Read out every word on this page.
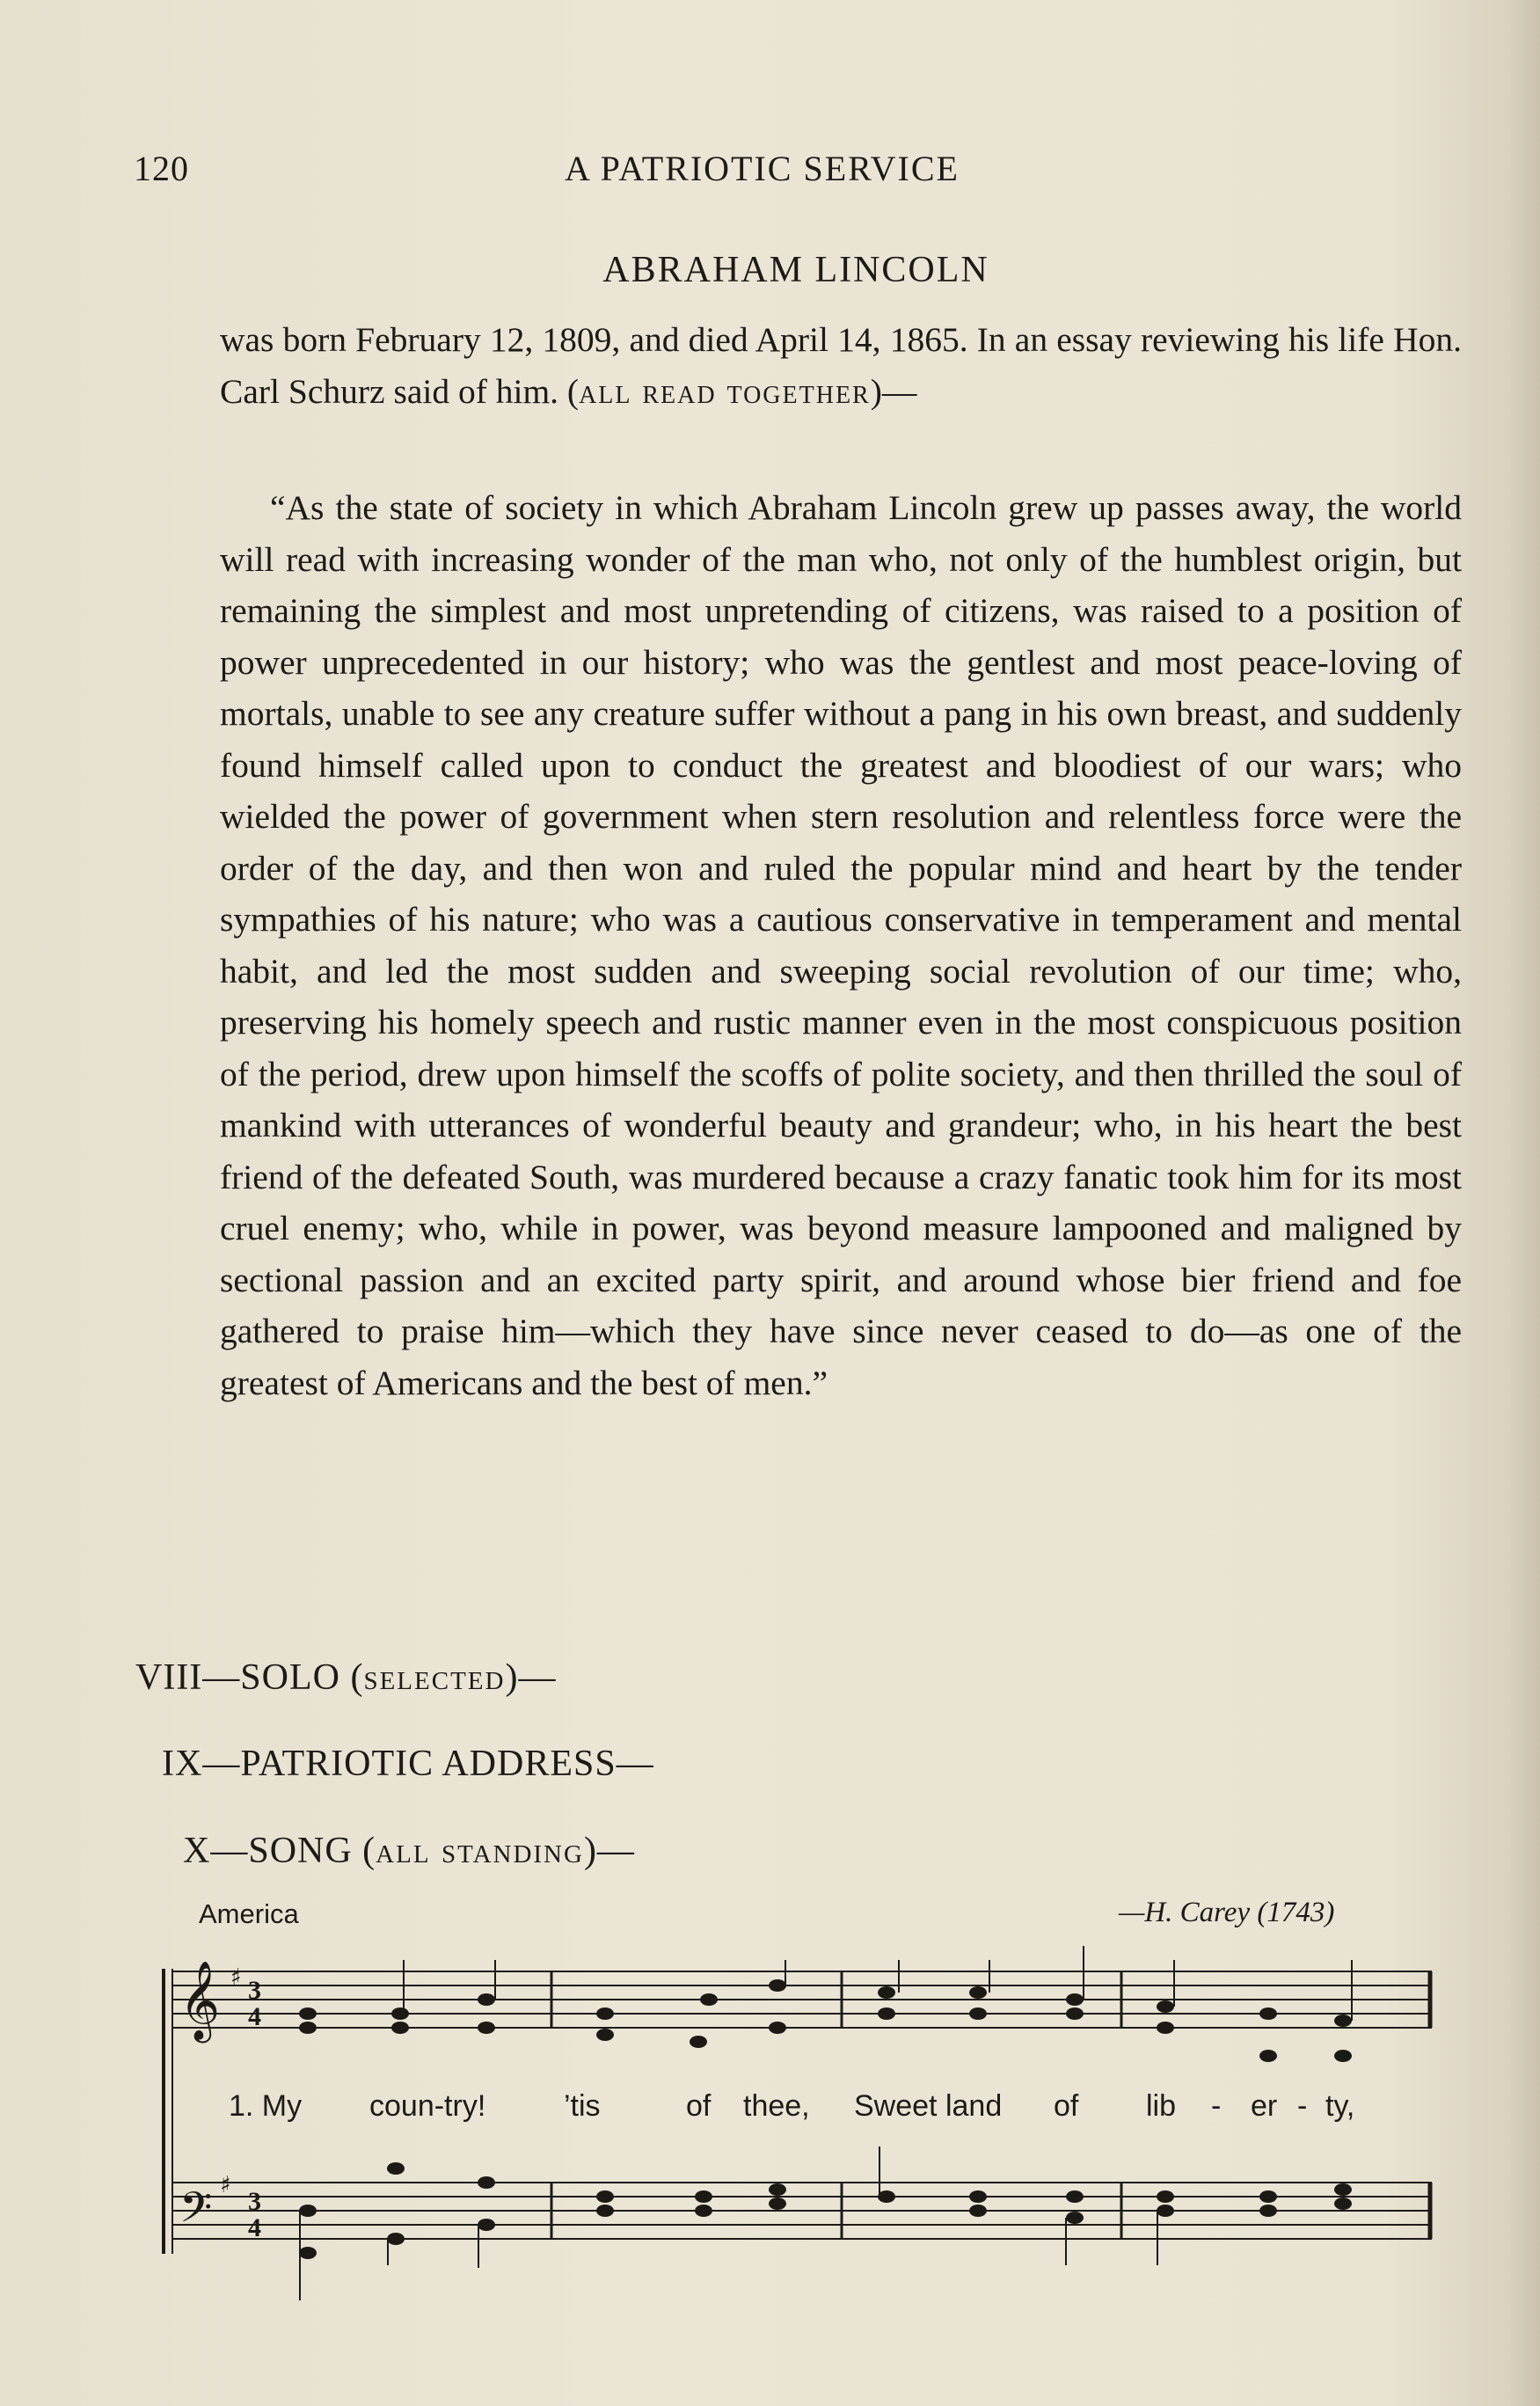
120	A PATRIOTIC SERVICE
ABRAHAM LINCOLN

was born February 12, 1809, and died April 14, 1865. In an essay reviewing his life Hon. Carl Schurz said of him. (all read together)—

“As the state of society in which Abraham Lincoln grew up passes away, the world will read with increasing wonder of the man who, not only of the humblest origin, but remaining the simplest and most unpretending of citizens, was raised to a position of power unprecedented in our history; who was the gentlest and most peace-loving of mortals, unable to see any creature suffer without a pang in his own breast, and suddenly found himself called upon to conduct the greatest and bloodiest of our wars; who wielded the power of government when stern resolution and relentless force were the order of the day, and then won and ruled the popular mind and heart by the tender sympathies of his nature; who was a cautious conservative in temperament and mental habit, and led the most sudden and sweeping social revolution of our time; who, preserving his homely speech and rustic manner even in the most conspicuous position of the period, drew upon himself the scoffs of polite society, and then thrilled the soul of mankind with utterances of wonderful beauty and grandeur; who, in his heart the best friend of the defeated South, was murdered because a crazy fanatic took him for its most cruel enemy; who, while in power, was beyond measure lampooned and maligned by sectional passion and an excited party spirit, and around whose bier friend and foe gathered to praise him—which they have since never ceased to do—as one of the greatest of Americans and the best of men.”

VIII—SOLO (selected)—
IX—PATRIOTIC ADDRESS—
X—SONG (all standing)—
America	—H. Carey (1743)
𝄞
𝄢
♯
♯
3
4
3
4
1. My coun-try!	’tis	of thee, Sweet land of lib - er - ty,
